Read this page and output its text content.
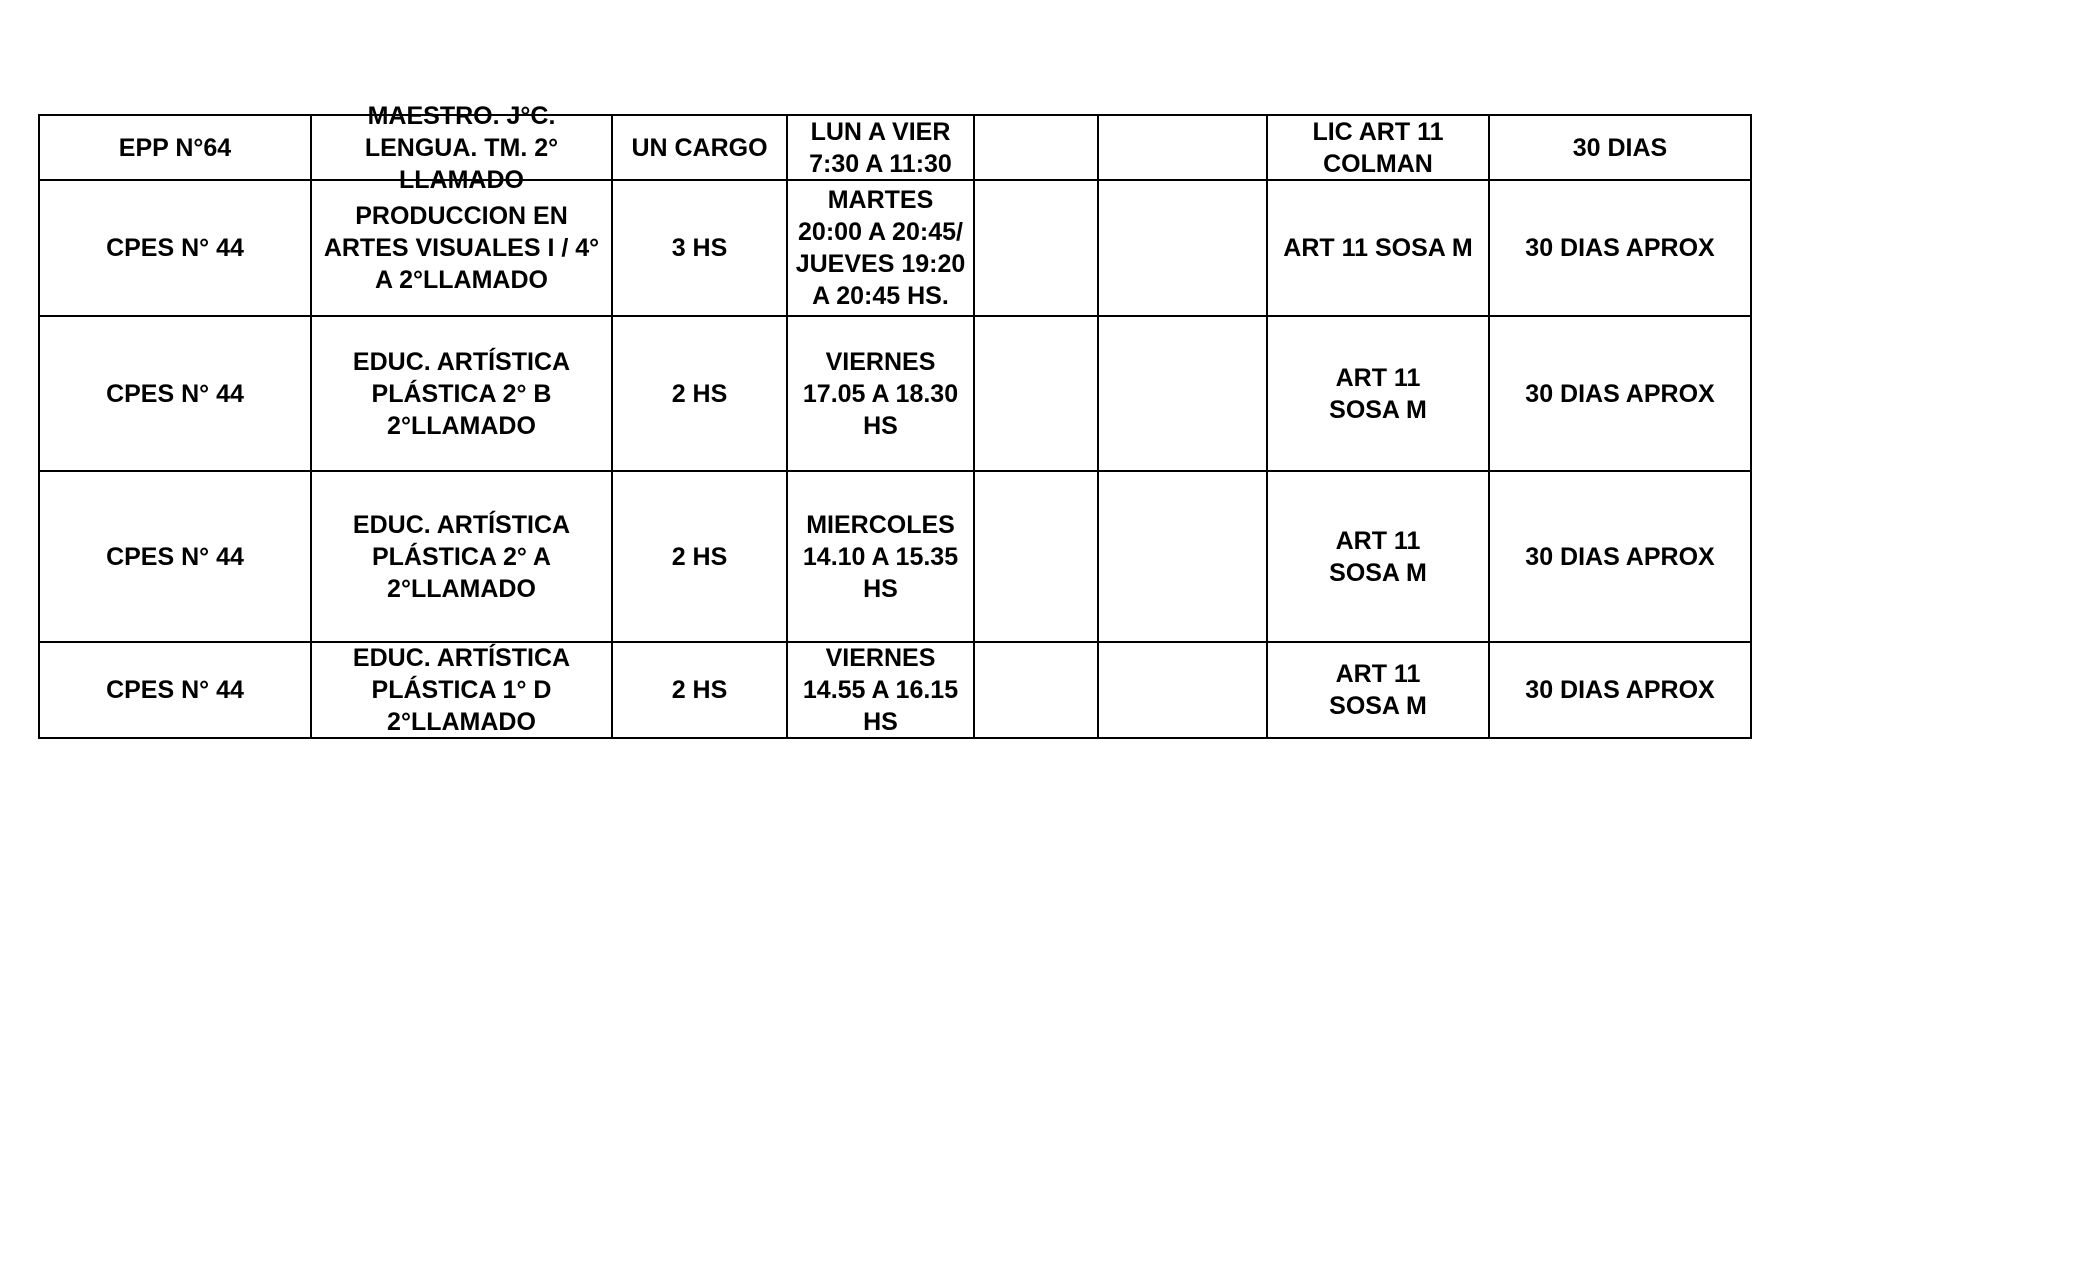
EPP N°64	MAESTRO. J°C.
LENGUA. TM. 2°
LLAMADO	UN CARGO	LUN A VIER
7:30 A 11:30			LIC ART 11
COLMAN	30 DIAS

CPES N° 44	PRODUCCION EN
ARTES VISUALES I / 4°
A 2°LLAMADO	3 HS	MARTES
20:00 A 20:45/
JUEVES 19:20
A 20:45 HS.			ART 11 SOSA M	30 DIAS APROX

CPES N° 44	EDUC. ARTÍSTICA
PLÁSTICA 2° B
2°LLAMADO	2 HS	VIERNES
17.05 A 18.30
HS			ART 11
SOSA M	30 DIAS APROX

CPES N° 44	EDUC. ARTÍSTICA
PLÁSTICA 2° A
2°LLAMADO	2 HS	MIERCOLES
14.10 A 15.35
HS			ART 11
SOSA M	30 DIAS APROX

CPES N° 44	EDUC. ARTÍSTICA
PLÁSTICA 1° D
2°LLAMADO	2 HS	VIERNES
14.55 A 16.15
HS			ART 11
SOSA M	30 DIAS APROX
